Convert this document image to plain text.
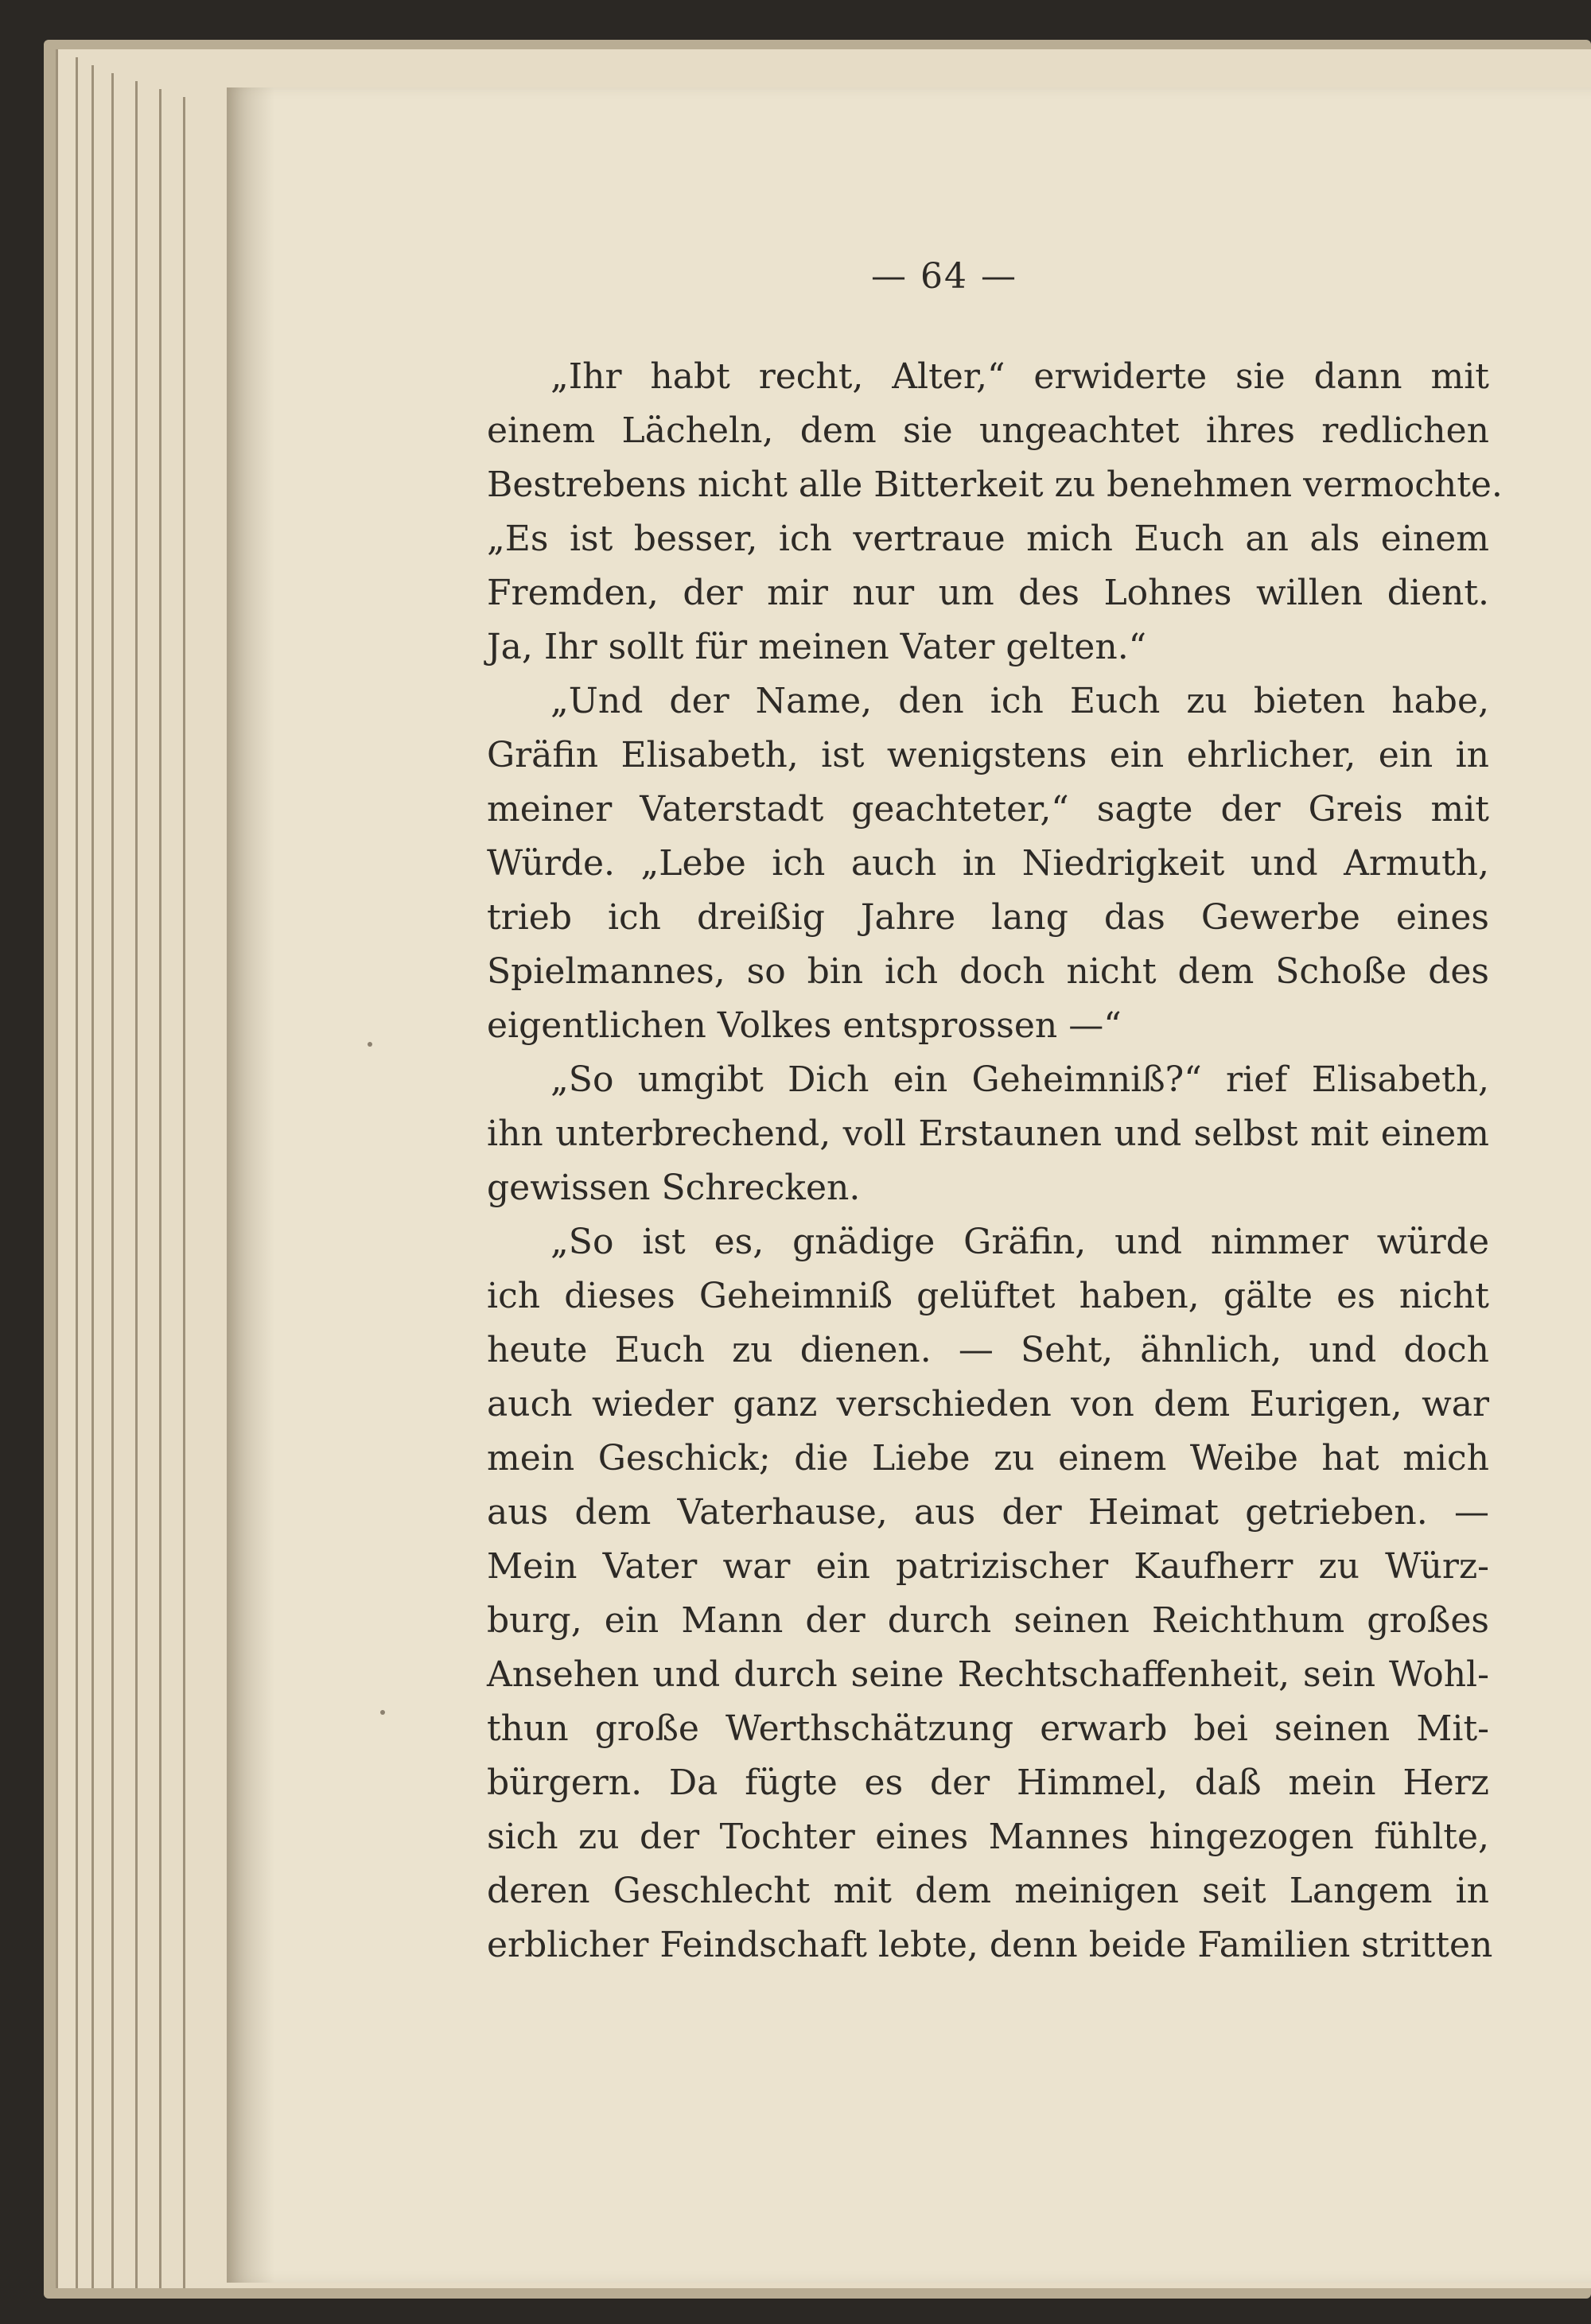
— 64 —
„Ihr habt recht, Alter,“ erwiderte sie dann mit
einem Lächeln, dem sie ungeachtet ihres redlichen
Bestrebens nicht alle Bitterkeit zu benehmen vermochte.
„Es ist besser, ich vertraue mich Euch an als einem
Fremden, der mir nur um des Lohnes willen dient.
Ja, Ihr sollt für meinen Vater gelten.“
„Und der Name, den ich Euch zu bieten habe,
Gräfin Elisabeth, ist wenigstens ein ehrlicher, ein in
meiner Vaterstadt geachteter,“ sagte der Greis mit
Würde. „Lebe ich auch in Niedrigkeit und Armuth,
trieb ich dreißig Jahre lang das Gewerbe eines
Spielmannes, so bin ich doch nicht dem Schoße des
eigentlichen Volkes entsprossen —“
„So umgibt Dich ein Geheimniß?“ rief Elisabeth,
ihn unterbrechend, voll Erstaunen und selbst mit einem
gewissen Schrecken.
„So ist es, gnädige Gräfin, und nimmer würde
ich dieses Geheimniß gelüftet haben, gälte es nicht
heute Euch zu dienen. — Seht, ähnlich, und doch
auch wieder ganz verschieden von dem Eurigen, war
mein Geschick; die Liebe zu einem Weibe hat mich
aus dem Vaterhause, aus der Heimat getrieben. —
Mein Vater war ein patrizischer Kaufherr zu Würz-
burg, ein Mann der durch seinen Reichthum großes
Ansehen und durch seine Rechtschaffenheit, sein Wohl-
thun große Werthschätzung erwarb bei seinen Mit-
bürgern. Da fügte es der Himmel, daß mein Herz
sich zu der Tochter eines Mannes hingezogen fühlte,
deren Geschlecht mit dem meinigen seit Langem in
erblicher Feindschaft lebte, denn beide Familien stritten
